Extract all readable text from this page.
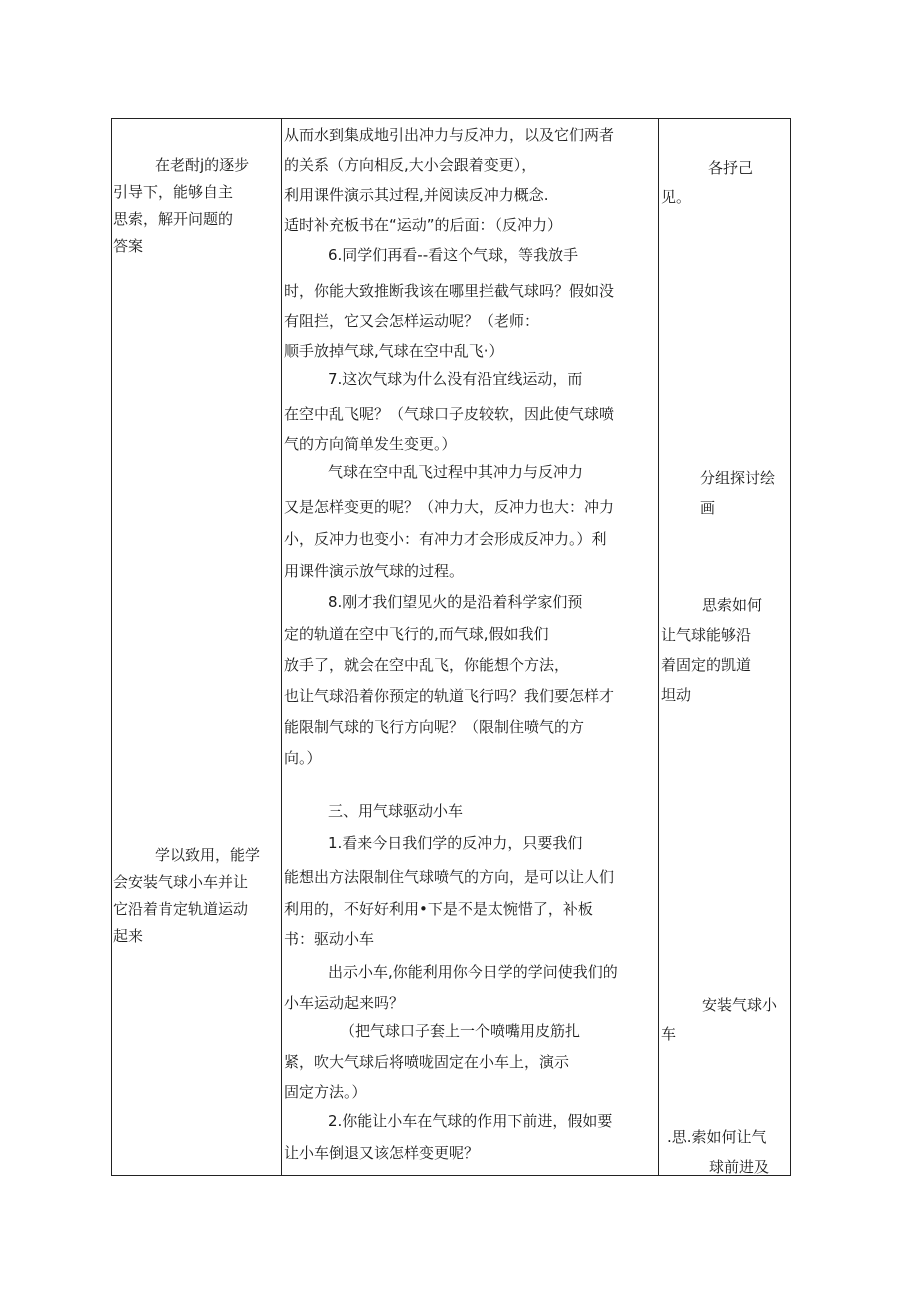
在老酎j的逐步
引导下，能够自主
思索，解开问题的
答案
学以致用，能学
会安装气球小车并让
它沿着肯定轨道运动
起来
从而水到集成地引出冲力与反冲力，以及它们两者
的关系（方向相反,大小会跟着变更），
利用课件演示其过程,并阅读反冲力概念.
适时补充板书在“运动”的后面：（反冲力）
6.同学们再看--看这个气球，等我放手
时，你能大致推断我该在哪里拦截气球吗？假如没
有阻拦，它又会怎样运动呢？（老师：
顺手放掉气球,气球在空中乱飞·）
7.这次气球为什么没有沿宜线运动，而
在空中乱飞呢？（气球口子皮较软，因此使气球喷
气的方向简单发生变更。）
气球在空中乱飞过程中其冲力与反冲力
又是怎样变更的呢？（冲力大，反冲力也大：冲力
小，反冲力也变小：有冲力才会形成反冲力。）利
用课件演示放气球的过程。
8.刚才我们望见火的是沿着科学家们预
定的轨道在空中飞行的,而气球,假如我们
放手了，就会在空中乱飞，你能想个方法，
也让气球沿着你预定的轨道飞行吗？我们要怎样才
能限制气球的飞行方向呢？（限制住喷气的方
向。）
三、用气球驱动小车
1.看来今日我们学的反冲力，只要我们
能想出方法限制住气球喷气的方向，是可以让人们
利用的，不好好利用•下是不是太惋惜了，补板
书：驱动小车
出示小车,你能利用你今日学的学问使我们的
小车运动起来吗？
（把气球口子套上一个喷嘴用皮筋扎
紧，吹大气球后将喷咙固定在小车上，演示
固定方法。）
2.你能让小车在气球的作用下前进，假如要
让小车倒退又该怎样变更呢？
各抒己
见。
分组探讨绘
画
思索如何
让气球能够沿
着固定的凯道
坦动
安装气球小
车
.思.索如何让气
球前进及
